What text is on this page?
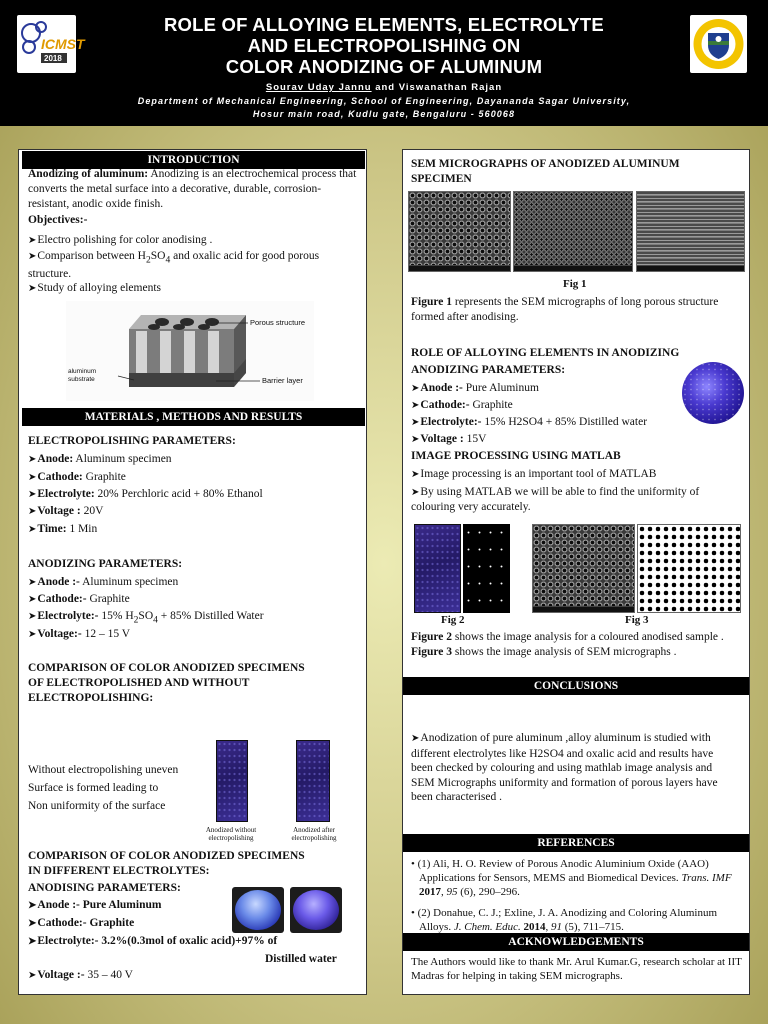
ICMST
2018
ROLE OF ALLOYING ELEMENTS, ELECTROLYTE
AND ELECTROPOLISHING ON
COLOR ANODIZING OF ALUMINUM
Sourav Uday Jannu and Viswanathan Rajan
Department of Mechanical Engineering, School of Engineering, Dayananda Sagar University,
Hosur main road, Kudlu gate, Bengaluru - 560068
INTRODUCTION
Anodizing of aluminum: Anodizing is an electrochemical process that converts the metal surface into a decorative, durable, corrosion-resistant, anodic oxide finish.
Objectives:-
➤ Electro polishing for color anodising .
➤ Comparison between $H_2SO_4$ and oxalic acid for good porous structure.
➤ Study of alloying elements
Porous structure
aluminum substrate	Barrier layer
MATERIALS , METHODS AND RESULTS
ELECTROPOLISHING PARAMETERS:
➤ Anode: Aluminum specimen
➤ Cathode: Graphite
➤ Electrolyte: 20% Perchloric acid + 80% Ethanol
➤ Voltage : 20V
➤ Time: 1 Min
ANODIZING PARAMETERS:
➤ Anode :- Aluminum specimen
➤ Cathode:- Graphite
➤ Electrolyte:- 15% $H_2SO_4 + 85\%$ Distilled Water
➤ Voltage:- 12 – 15 V
COMPARISON OF COLOR ANODIZED SPECIMENS
OF ELECTROPOLISHED AND WITHOUT
ELECTROPOLISHING:
Without electropolishing uneven
Surface is formed leading to
Non uniformity of the surface
Anodized without electropolishing
Anodized after electropolishing
COMPARISON OF COLOR ANODIZED SPECIMENS
IN DIFFERENT ELECTROLYTES:
ANODISING PARAMETERS:
➤ Anode :- Pure Aluminum
➤ Cathode:- Graphite
➤ Electrolyte:- 3.2%(0.3mol of oxalic acid)+97% of
Distilled water
➤ Voltage :- 35 – 40 V
SEM MICROGRAPHS OF ANODIZED ALUMINUM
SPECIMEN
Fig 1
Figure 1 represents the SEM micrographs of long porous structure formed after anodising.
ROLE OF ALLOYING ELEMENTS IN ANODIZING
ANODIZING PARAMETERS:
➤ Anode :- Pure Aluminum
➤ Cathode:- Graphite
➤ Electrolyte:- 15% H2SO4 + 85% Distilled water
➤ Voltage : 15V
IMAGE PROCESSING USING MATLAB
➤ Image processing is an important tool of MATLAB
➤ By using MATLAB we will be able to find the uniformity of colouring very accurately.
Fig 2	Fig 3
Figure 2 shows the image analysis for a coloured anodised sample . Figure 3 shows the image analysis of SEM micrographs .
CONCLUSIONS
➤ Anodization of pure aluminum ,alloy aluminum is studied with different electrolytes like H2SO4 and oxalic acid and results have been checked by colouring and using mathlab image analysis and SEM Micrographs uniformity and formation of porous layers have been characterised .
REFERENCES
• (1) Ali, H. O. Review of Porous Anodic Aluminium Oxide (AAO) Applications for Sensors, MEMS and Biomedical Devices. Trans. IMF 2017, 95 (6), 290–296.
• (2) Donahue, C. J.; Exline, J. A. Anodizing and Coloring Aluminum Alloys. J. Chem. Educ. 2014, 91 (5), 711–715.
ACKNOWLEDGEMENTS
The Authors would like to thank Mr. Arul Kumar.G, research scholar at IIT Madras for helping in taking SEM micrographs.
